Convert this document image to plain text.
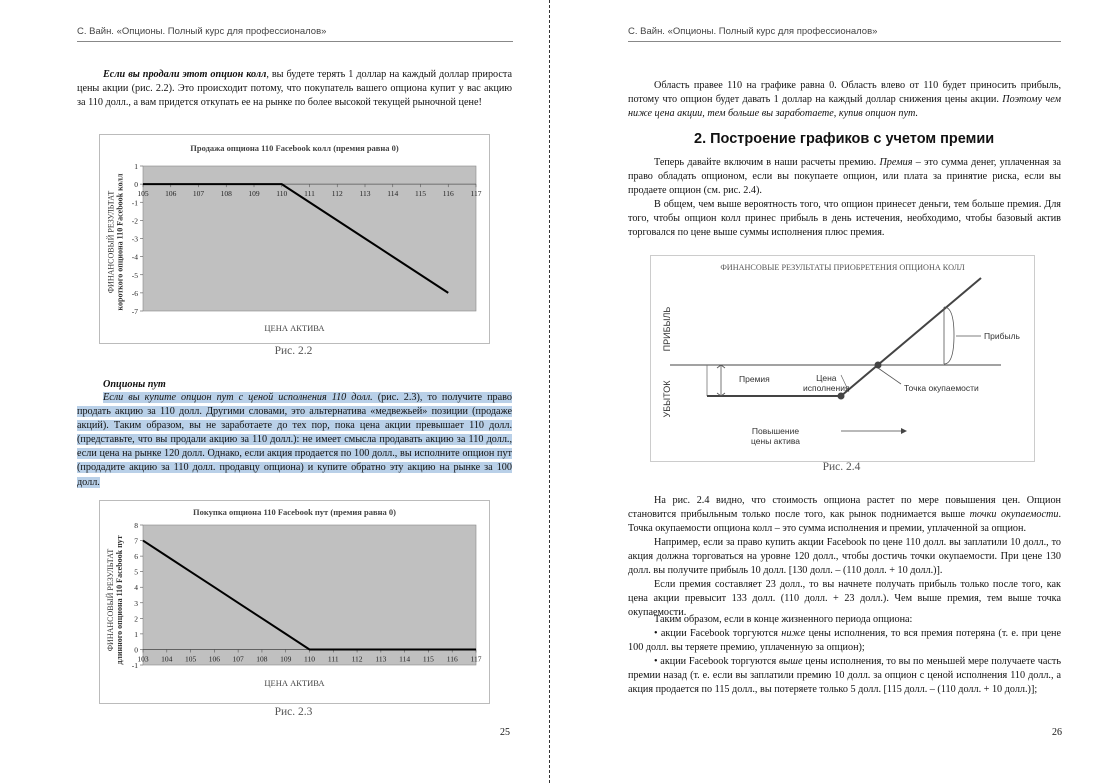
С. Вайн. «Опционы. Полный курс для профессионалов»

Если вы продали этот опцион колл, вы будете терять 1 доллар на каждый доллар прироста цены акции (рис. 2.2). Это происходит потому, что покупатель вашего опциона купит у вас акцию за 110 долл., а вам придется откупать ее на рынке по более высокой текущей рыночной цене!

Продажа опциона 110 Facebook колл (премия равна 0)
1
0
-1
-2
-3
-4
-5
-6
-7
105 106 107 108 109 110 111 112 113 114 115 116 117
ФИНАНСОВЫЙ РЕЗУЛЬТАТ короткого опциона 110 Facebook колл
ЦЕНА АКТИВА
Рис. 2.2
Опционы пут

Если вы купите опцион пут с ценой исполнения 110 долл. (рис. 2.3), то получите право продать акцию за 110 долл. Другими словами, это альтернатива «медвежьей» позиции (продаже акций). Таким образом, вы не заработаете до тех пор, пока цена акции превышает 110 долл. (представьте, что вы продали акцию за 110 долл.): не имеет смысла продавать акцию за 110 долл., если цена на рынке 120 долл. Однако, если акция продается по 100 долл., вы исполните опцион пут (продадите акцию за 110 долл. продавцу опциона) и купите обратно эту акцию на рынке за 100 долл.

Покупка опциона 110 Facebook пут (премия равна 0)
8
7
6
5
4
3
2
1
0
-1
103 104 105 106 107 108 109 110 111 112 113 114 115 116 117
ФИНАНСОВЫЙ РЕЗУЛЬТАТ длинного опциона 110 Facebook пут
ЦЕНА АКТИВА
Рис. 2.3
25
С. Вайн. «Опционы. Полный курс для профессионалов»

Область правее 110 на графике равна 0. Область влево от 110 будет приносить прибыль, потому что опцион будет давать 1 доллар на каждый доллар снижения цены акции. Поэтому чем ниже цена акции, тем больше вы заработаете, купив опцион пут.

2. Построение графиков с учетом премии

Теперь давайте включим в наши расчеты премию. Премия – это сумма денег, уплаченная за право обладать опционом, если вы покупаете опцион, или плата за принятие риска, если вы продаете опцион (см. рис. 2.4).

В общем, чем выше вероятность того, что опцион принесет деньги, тем больше премия. Для того, чтобы опцион колл принес прибыль в день истечения, необходимо, чтобы базовый актив торговался по цене выше суммы исполнения плюс премия.

ФИНАНСОВЫЕ РЕЗУЛЬТАТЫ ПРИОБРЕТЕНИЯ ОПЦИОНА КОЛЛ
ПРИБЫЛЬ
УБЫТОК
Премия	Цена
исполнения	Точка окупаемости
Прибыль
Повышение
цены актива
Рис. 2.4

На рис. 2.4 видно, что стоимость опциона растет по мере повышения цен. Опцион становится прибыльным только после того, как рынок поднимается выше точки окупаемости. Точка окупаемости опциона колл – это сумма исполнения и премии, уплаченной за опцион.

Например, если за право купить акции Facebook по цене 110 долл. вы заплатили 10 долл., то акция должна торговаться на уровне 120 долл., чтобы достичь точки окупаемости. При цене 130 долл. вы получите прибыль 10 долл. [130 долл. – (110 долл. + 10 долл.)].

Если премия составляет 23 долл., то вы начнете получать прибыль только после того, как цена акции превысит 133 долл. (110 долл. + 23 долл.). Чем выше премия, тем выше точка окупаемости.

Таким образом, если в конце жизненного периода опциона:

• акции Facebook торгуются ниже цены исполнения, то вся премия потеряна (т. е. при цене 100 долл. вы теряете премию, уплаченную за опцион);

• акции Facebook торгуются выше цены исполнения, то вы по меньшей мере получаете часть премии назад (т. е. если вы заплатили премию 10 долл. за опцион с ценой исполнения 110 долл., а акция продается по 115 долл., вы потеряете только 5 долл. [115 долл. – (110 долл. + 10 долл.)];

26
